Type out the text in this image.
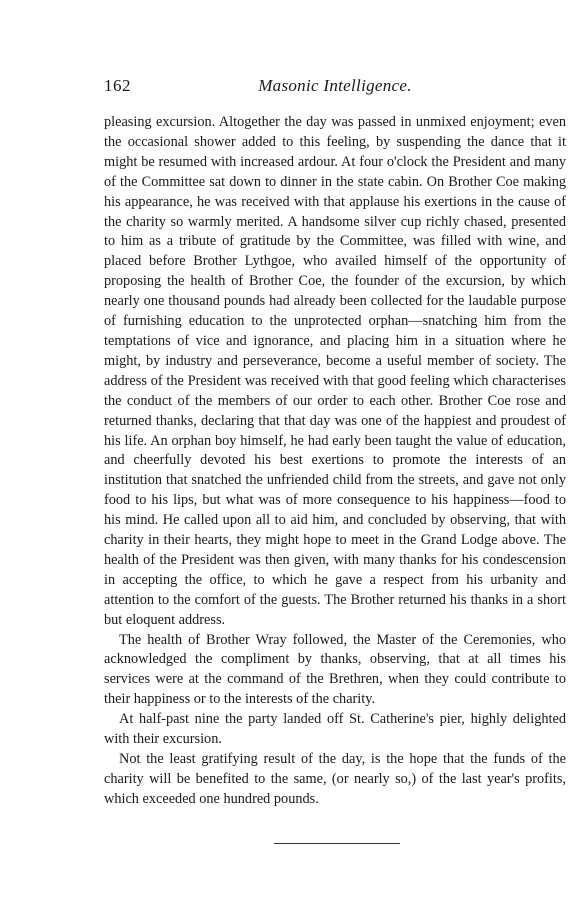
162	Masonic Intelligence.

pleasing excursion. Altogether the day was passed in unmixed enjoyment; even the occasional shower added to this feeling, by suspending the dance that it might be resumed with increased ardour. At four o'clock the President and many of the Committee sat down to dinner in the state cabin. On Brother Coe making his appearance, he was received with that applause his exertions in the cause of the charity so warmly merited. A handsome silver cup richly chased, presented to him as a tribute of gratitude by the Committee, was filled with wine, and placed before Brother Lythgoe, who availed himself of the opportunity of proposing the health of Brother Coe, the founder of the excursion, by which nearly one thousand pounds had already been collected for the laudable purpose of furnishing education to the unprotected orphan—snatching him from the temptations of vice and ignorance, and placing him in a situation where he might, by industry and perseverance, become a useful member of society. The address of the President was received with that good feeling which characterises the conduct of the members of our order to each other. Brother Coe rose and returned thanks, declaring that that day was one of the happiest and proudest of his life. An orphan boy himself, he had early been taught the value of education, and cheerfully devoted his best exertions to promote the interests of an institution that snatched the unfriended child from the streets, and gave not only food to his lips, but what was of more consequence to his happiness—food to his mind. He called upon all to aid him, and concluded by observing, that with charity in their hearts, they might hope to meet in the Grand Lodge above. The health of the President was then given, with many thanks for his condescension in accepting the office, to which he gave a respect from his urbanity and attention to the comfort of the guests. The Brother returned his thanks in a short but eloquent address.

The health of Brother Wray followed, the Master of the Ceremonies, who acknowledged the compliment by thanks, observing, that at all times his services were at the command of the Brethren, when they could contribute to their happiness or to the interests of the charity.

At half-past nine the party landed off St. Catherine's pier, highly delighted with their excursion.

Not the least gratifying result of the day, is the hope that the funds of the charity will be benefited to the same, (or nearly so,) of the last year's profits, which exceeded one hundred pounds.
